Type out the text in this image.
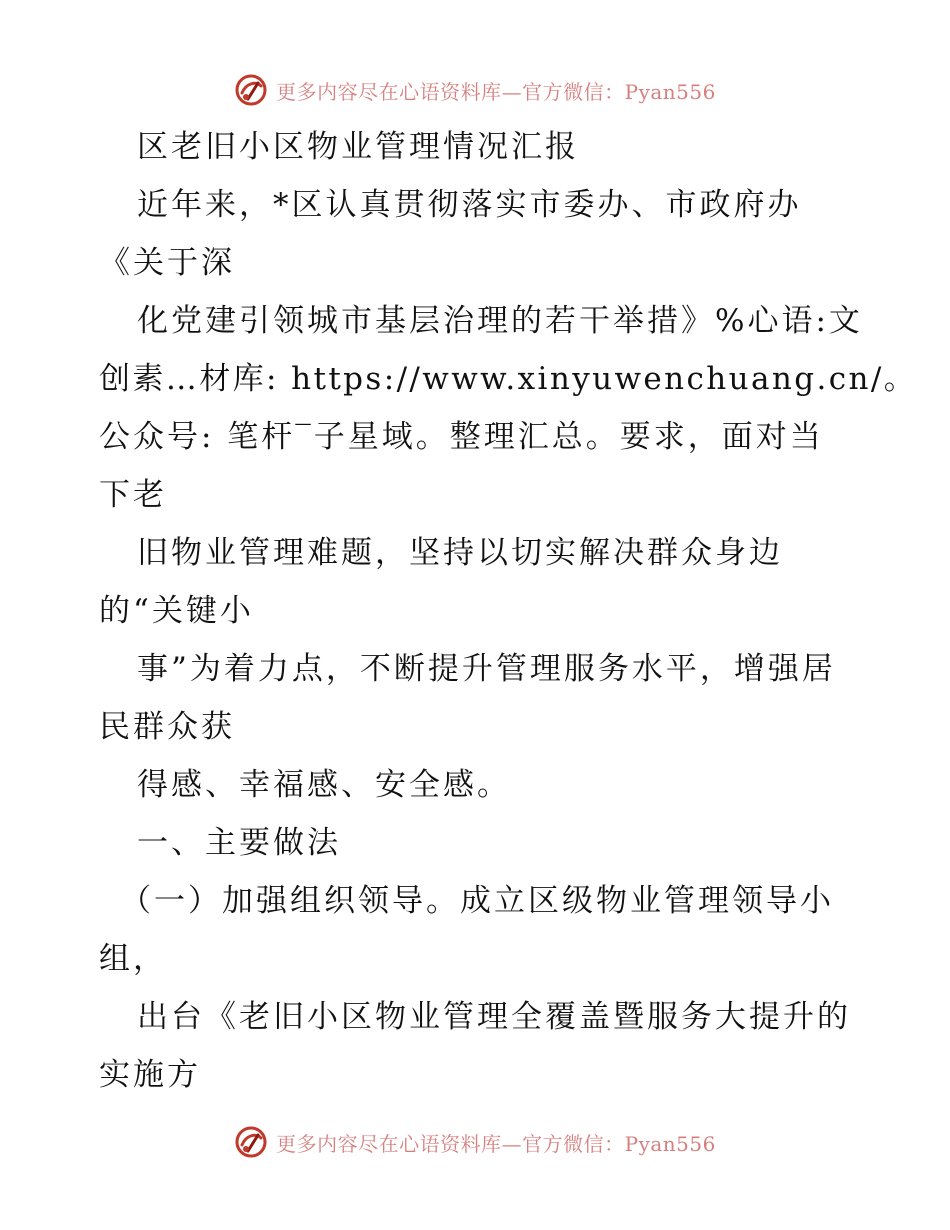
更多内容尽在心语资料库—官方微信：Pyan556
区老旧小区物业管理情况汇报
近年来，*区认真贯彻落实市委办、市政府办
《关于深
化党建引领城市基层治理的若干举措》%心语:文
创素…材库: https://www.xinyuwenchuang.cn/。
公众号: 笔杆‾子星域。整理汇总。要求，面对当
下老
旧物业管理难题，坚持以切实解决群众身边
的“关键小
事”为着力点，不断提升管理服务水平，增强居
民群众获
得感、幸福感、安全感。
一、主要做法
（一）加强组织领导。成立区级物业管理领导小
组，
出台《老旧小区物业管理全覆盖暨服务大提升的
实施方
更多内容尽在心语资料库—官方微信：Pyan556
